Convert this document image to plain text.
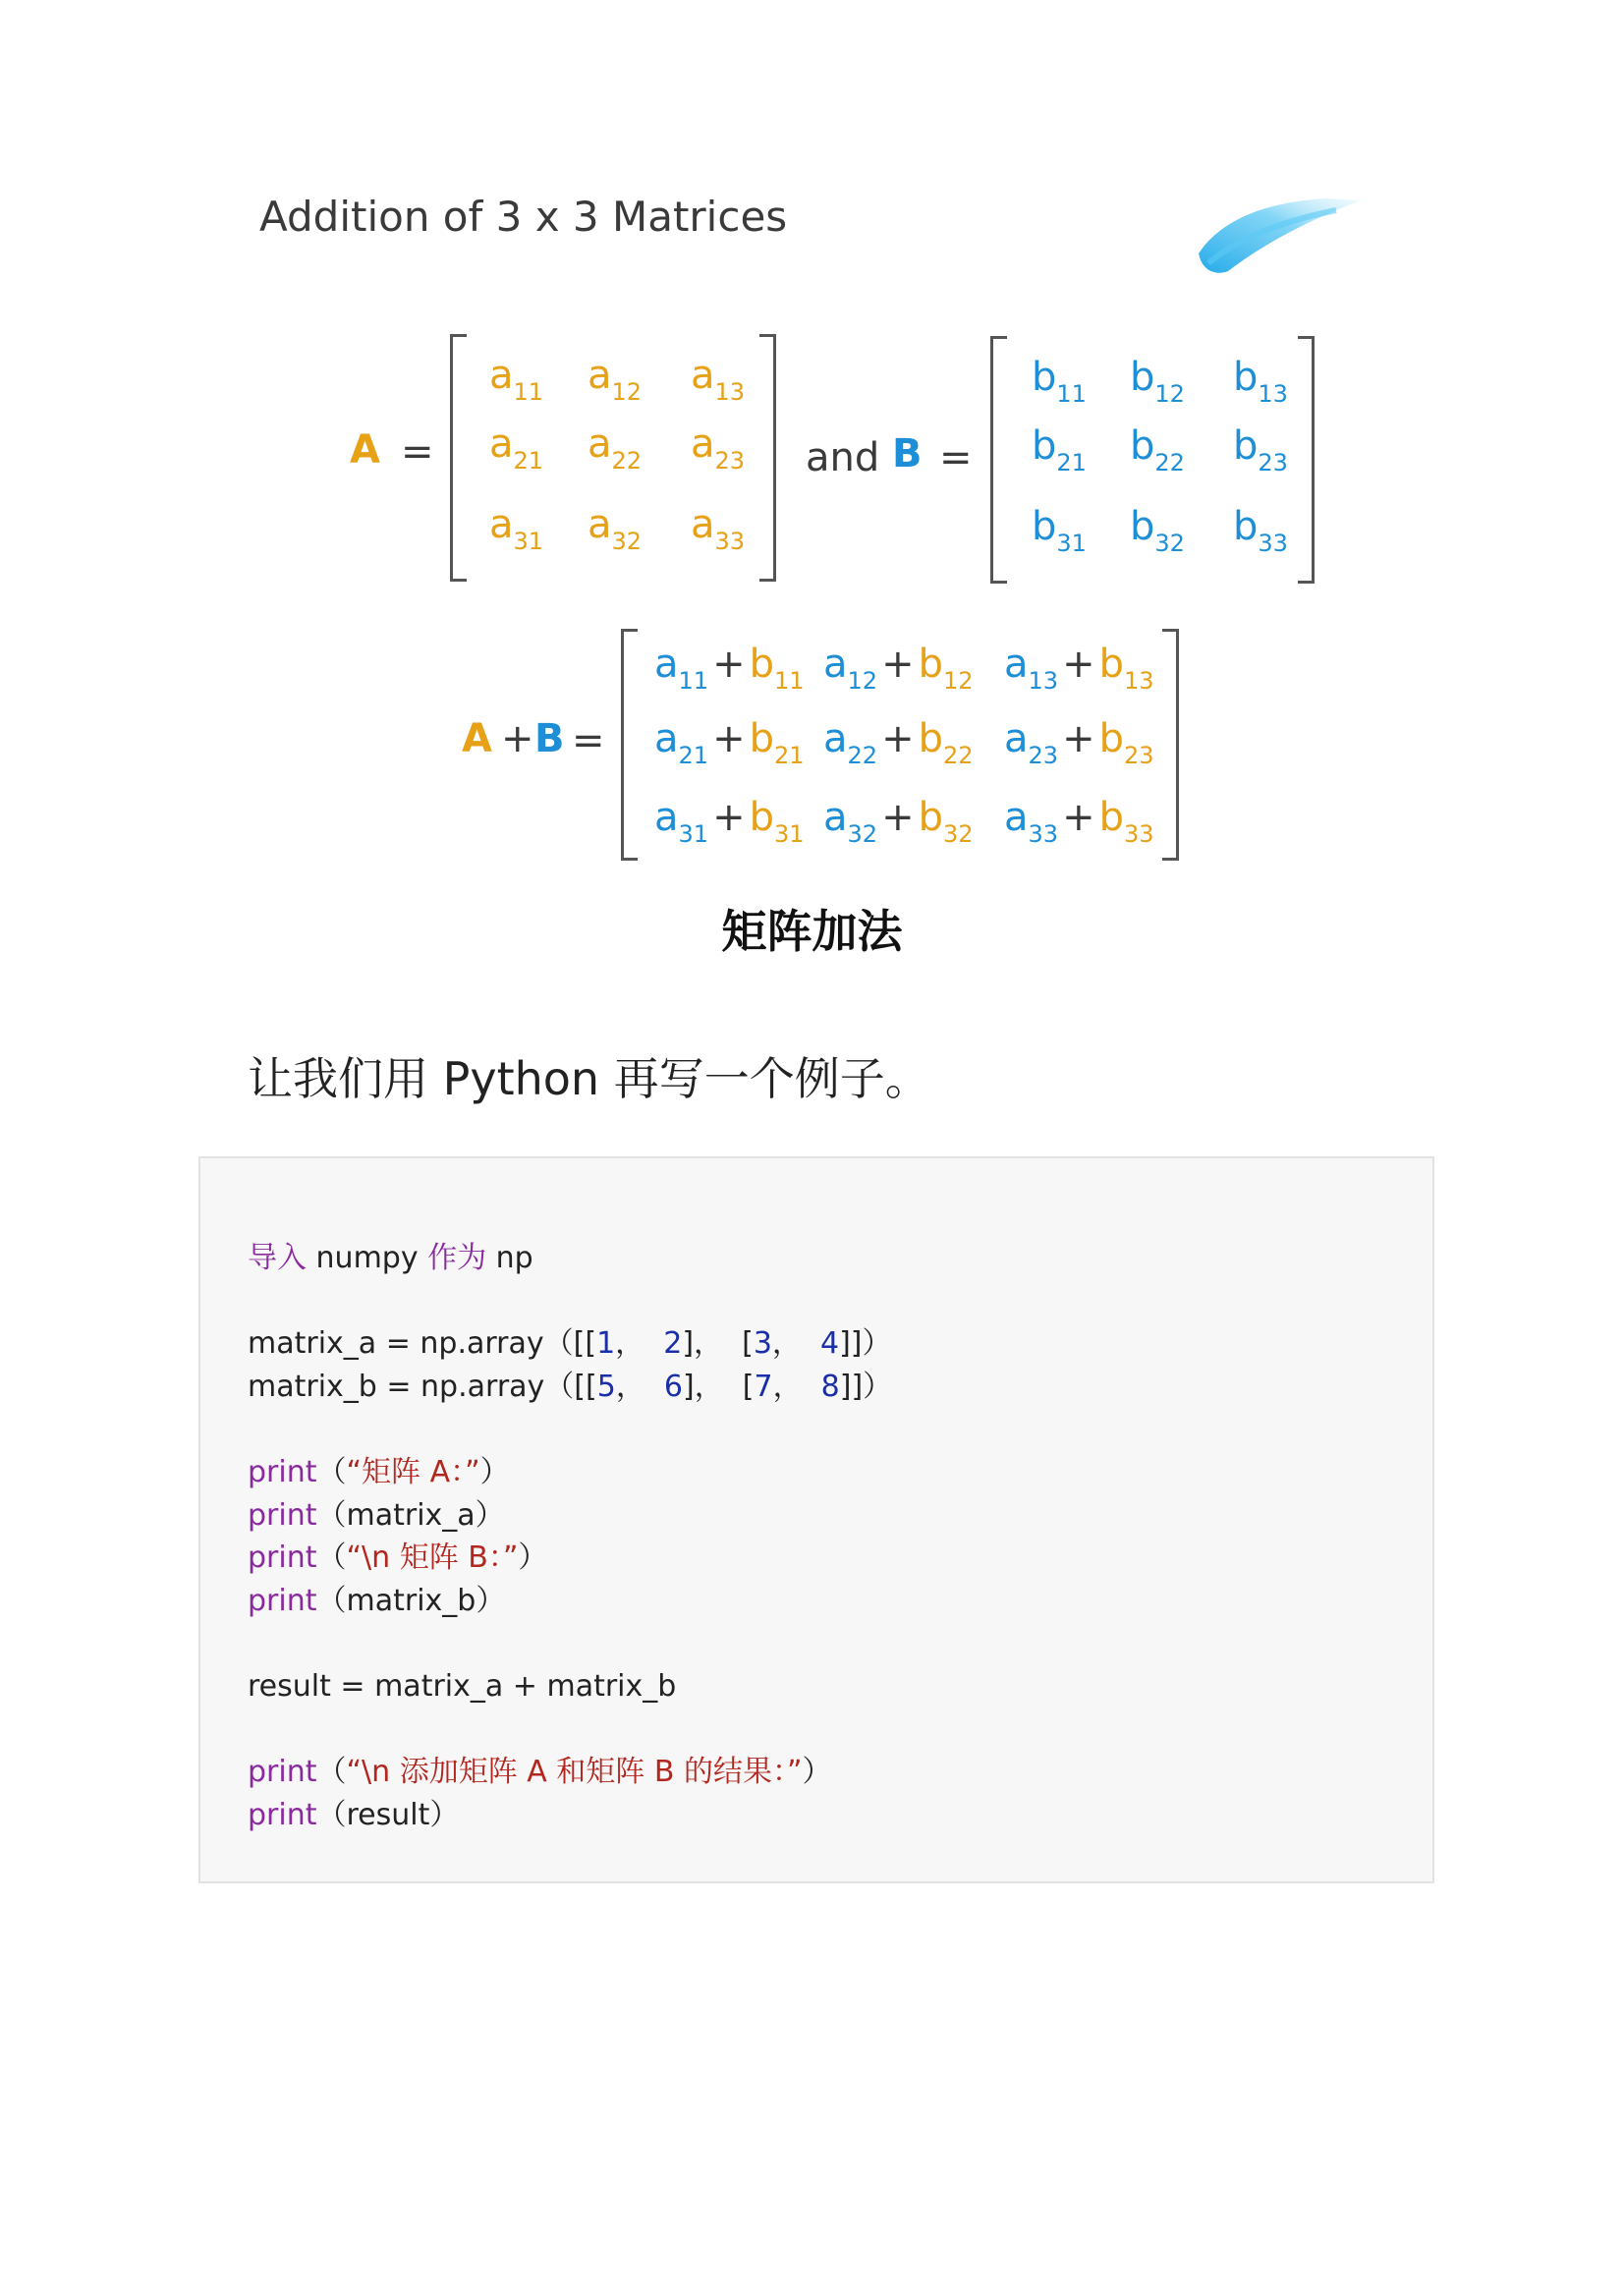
Addition of 3 x 3 Matrices
A =	and B =
A + B =
矩阵加法
让我们用 Python 再写一个例子。
导入 numpy 作为 np
matrix_a = np.array（[[1，  2]，  [3，  4]]）
matrix_b = np.array（[[5，  6]，  [7，  8]]）
print（“矩阵 A：”）
print（matrix_a）
print（“\n 矩阵 B：”）
print（matrix_b）
result = matrix_a + matrix_b
print（“\n 添加矩阵 A 和矩阵 B 的结果：”）
print（result）
$a_{11}$ $a_{12}$ $a_{13}$
$a_{21}$ $a_{22}$ $a_{23}$
$a_{31}$ $a_{32}$ $a_{33}$
$b_{11}$ $b_{12}$ $b_{13}$
$b_{21}$ $b_{22}$ $b_{23}$
$b_{31}$ $b_{32}$ $b_{33}$
$a_{11} + b_{11}$ $a_{12} + b_{12}$ $a_{13} + b_{13}$
$a_{21} + b_{21}$ $a_{22} + b_{22}$ $a_{23} + b_{23}$
$a_{31} + b_{31}$ $a_{32} + b_{32}$ $a_{33} + b_{33}$
